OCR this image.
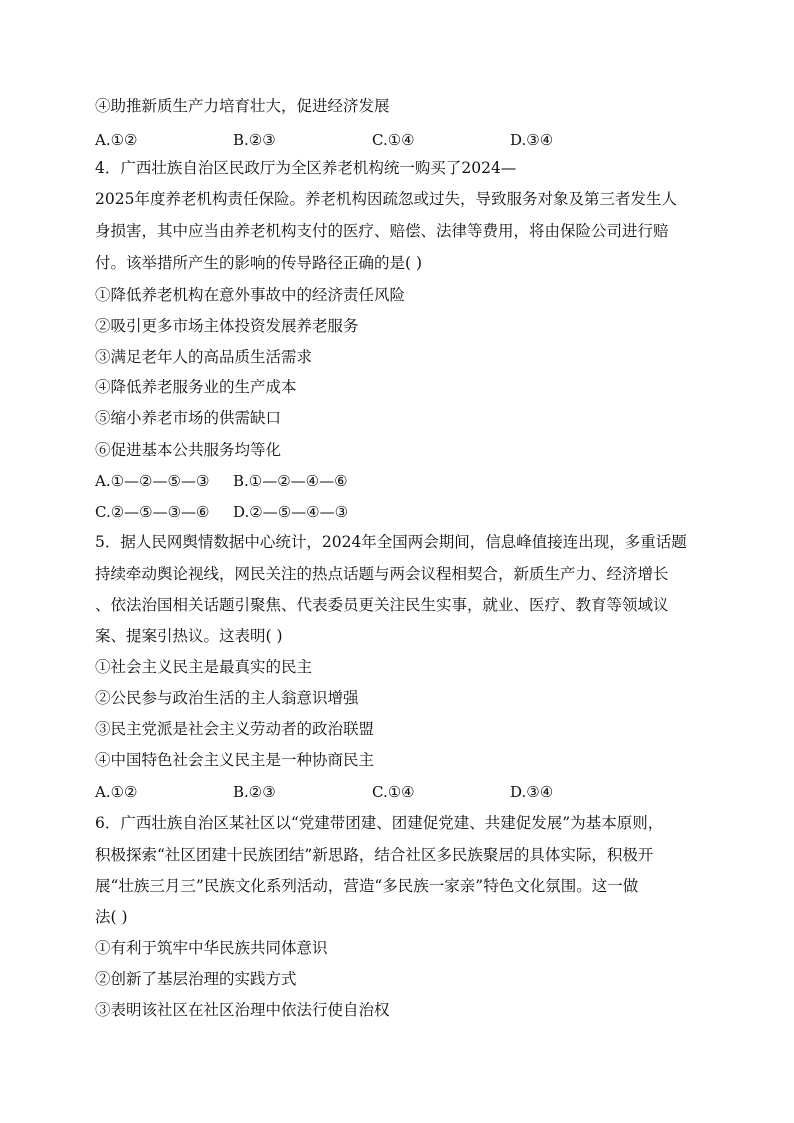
④助推新质生产力培育壮大，促进经济发展
A.①②	B.②③	C.①④	D.③④
4．广西壮族自治区民政厅为全区养老机构统一购买了2024—
2025年度养老机构责任保险。养老机构因疏忽或过失，导致服务对象及第三者发生人
身损害，其中应当由养老机构支付的医疗、赔偿、法律等费用，将由保险公司进行赔
付。该举措所产生的影响的传导路径正确的是( )
①降低养老机构在意外事故中的经济责任风险
②吸引更多市场主体投资发展养老服务
③满足老年人的高品质生活需求
④降低养老服务业的生产成本
⑤缩小养老市场的供需缺口
⑥促进基本公共服务均等化
A.①—②—⑤—③ B.①—②—④—⑥
C.②—⑤—③—⑥ D.②—⑤—④—③
5．据人民网舆情数据中心统计，2024年全国两会期间，信息峰值接连出现，多重话题
持续牵动舆论视线，网民关注的热点话题与两会议程相契合，新质生产力、经济增长
、依法治国相关话题引聚焦、代表委员更关注民生实事，就业、医疗、教育等领域议
案、提案引热议。这表明( )
①社会主义民主是最真实的民主
②公民参与政治生活的主人翁意识增强
③民主党派是社会主义劳动者的政治联盟
④中国特色社会主义民主是一种协商民主
A.①②	B.②③	C.①④	D.③④
6．广西壮族自治区某社区以“党建带团建、团建促党建、共建促发展”为基本原则，
积极探索“社区团建十民族团结”新思路，结合社区多民族聚居的具体实际，积极开
展“壮族三月三”民族文化系列活动，营造“多民族一家亲”特色文化氛围。这一做
法( )
①有利于筑牢中华民族共同体意识
②创新了基层治理的实践方式
③表明该社区在社区治理中依法行使自治权
